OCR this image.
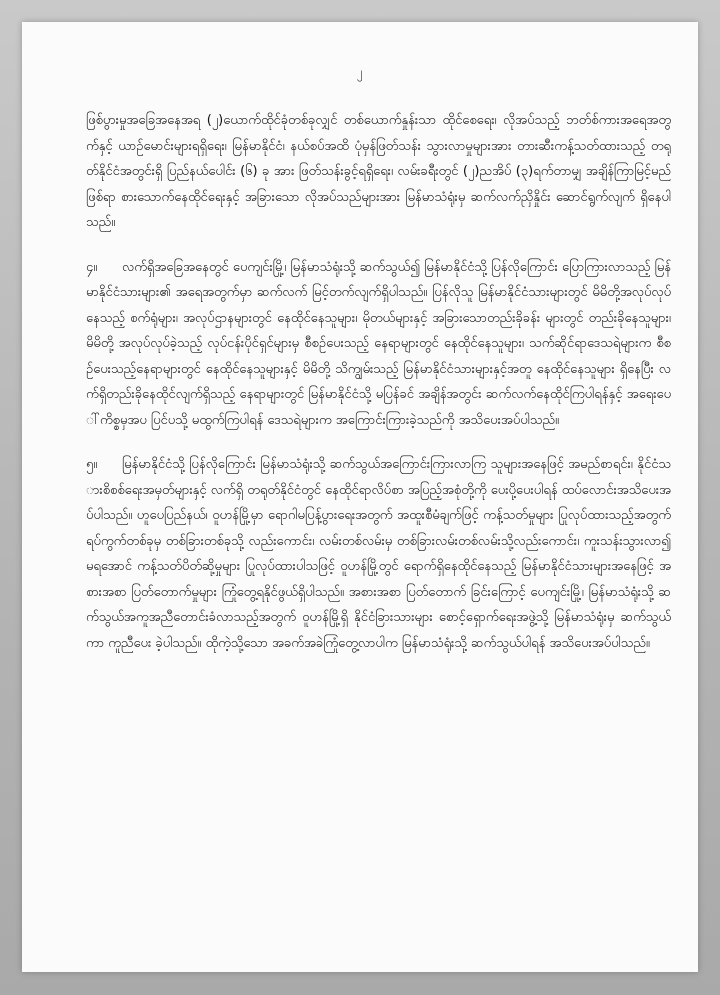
၂

ဖြစ်ပွားမှုအခြေအနေအရ (၂)ယောက်ထိုင်ခုံတစ်ခုလျှင် တစ်ယောက်နှုန်းသာ ထိုင်စေရေး၊ လိုအပ်သည့် ဘတ်စ်ကားအရေအတွက်နှင့် ယာဉ်မောင်းများရရှိရေး၊ မြန်မာနိုင်ငံ၊ နယ်စပ်အထိ ပုံမှန်ဖြတ်သန်း သွားလာမှုများအား တားဆီးကန့်သတ်ထားသည့် တရုတ်နိုင်ငံအတွင်းရှိ ပြည်နယ်ပေါင်း (၆) ခု အား ဖြတ်သန်းခွင့်ရရှိရေး၊ လမ်းခရီးတွင် (၂)ညအိပ် (၃)ရက်တာမျှ အချိန်ကြာမြင့်မည်ဖြစ်ရာ စားသောက်နေထိုင်ရေးနှင့် အခြားသော လိုအပ်သည်များအား မြန်မာသံရုံးမှ ဆက်လက်ညှိနှိုင်း ဆောင်ရွက်လျက် ရှိနေပါသည်။

၄။ လက်ရှိအခြေအနေတွင် ပေကျင်းမြို့၊ မြန်မာသံရုံးသို့ ဆက်သွယ်၍ မြန်မာနိုင်ငံသို့ ပြန်လိုကြောင်း ပြောကြားလာသည့် မြန်မာနိုင်ငံသားများ၏ အရေအတွက်မှာ ဆက်လက် မြင့်တက်လျက်ရှိပါသည်။ ပြန်လိုသူ မြန်မာနိုင်ငံသားများတွင် မိမိတို့အလုပ်လုပ်နေသည့် စက်ရုံများ၊ အလုပ်ဌာနများတွင် နေထိုင်နေသူများ၊ မိုတယ်များနှင့် အခြားသောတည်းခိုခန်း များတွင် တည်းခိုနေသူများ၊ မိမိတို့ အလုပ်လုပ်ခဲ့သည့် လုပ်ငန်းပိုင်ရှင်များမှ စီစဉ်ပေးသည့် နေရာများတွင် နေထိုင်နေသူများ၊ သက်ဆိုင်ရာဒေသရဲများက စီစဉ်ပေးသည့်နေရာများတွင် နေထိုင်နေသူများနှင့် မိမိတို့ သိကျွမ်းသည့် မြန်မာနိုင်ငံသားများနှင့်အတူ နေထိုင်နေသူများ ရှိနေပြီး လက်ရှိတည်းခိုနေထိုင်လျက်ရှိသည့် နေရာများတွင် မြန်မာနိုင်ငံသို့ မပြန်ခင် အချိန်အတွင်း ဆက်လက်နေထိုင်ကြပါရန်နှင့် အရေးပေါ်ကိစ္စမှအပ ပြင်ပသို့ မထွက်ကြပါရန် ဒေသရဲများက အကြောင်းကြားခဲ့သည်ကို အသိပေးအပ်ပါသည်။

၅။ မြန်မာနိုင်ငံသို့ ပြန်လိုကြောင်း မြန်မာသံရုံးသို့ ဆက်သွယ်အကြောင်းကြားလာကြ သူများအနေဖြင့် အမည်စာရင်း၊ နိုင်ငံသားစိစစ်ရေးအမှတ်များနှင့် လက်ရှိ တရုတ်နိုင်ငံတွင် နေထိုင်ရာလိပ်စာ အပြည့်အစုံတို့ကို ပေးပို့ပေးပါရန် ထပ်လောင်းအသိပေးအပ်ပါသည်။ ဟူပေပြည်နယ်၊ ဝူဟန်မြို့မှာ ရောဂါမပြန့်ပွားရေးအတွက် အထူးစီမံချက်ဖြင့် ကန့်သတ်မှုများ ပြုလုပ်ထားသည့်အတွက် ရပ်ကွက်တစ်ခုမှ တစ်ခြားတစ်ခုသို့ လည်းကောင်း၊ လမ်းတစ်လမ်းမှ တစ်ခြားလမ်းတစ်လမ်းသို့လည်းကောင်း၊ ကူးသန်းသွားလာ၍ မရအောင် ကန့်သတ်ပိတ်ဆို့မှုများ ပြုလုပ်ထားပါသဖြင့် ဝူဟန်မြို့တွင် ရောက်ရှိနေထိုင်နေသည့် မြန်မာနိုင်ငံသားများအနေဖြင့် အစားအစာ ပြတ်တောက်မှုများ ကြုံတွေ့ရနိုင်ဖွယ်ရှိပါသည်။ အစားအစာ ပြတ်တောက် ခြင်းကြောင့် ပေကျင်းမြို့၊ မြန်မာသံရုံးသို့ ဆက်သွယ်အကူအညီတောင်းခံလာသည့်အတွက် ဝူဟန်မြို့ရှိ နိုင်ငံခြားသားများ စောင့်ရှောက်ရေးအဖွဲ့သို့ မြန်မာသံရုံးမှ ဆက်သွယ်ကာ ကူညီပေး ခဲ့ပါသည်။ ထိုကဲ့သို့သော အခက်အခဲကြုံတွေ့လာပါက မြန်မာသံရုံးသို့ ဆက်သွယ်ပါရန် အသိပေးအပ်ပါသည်။
